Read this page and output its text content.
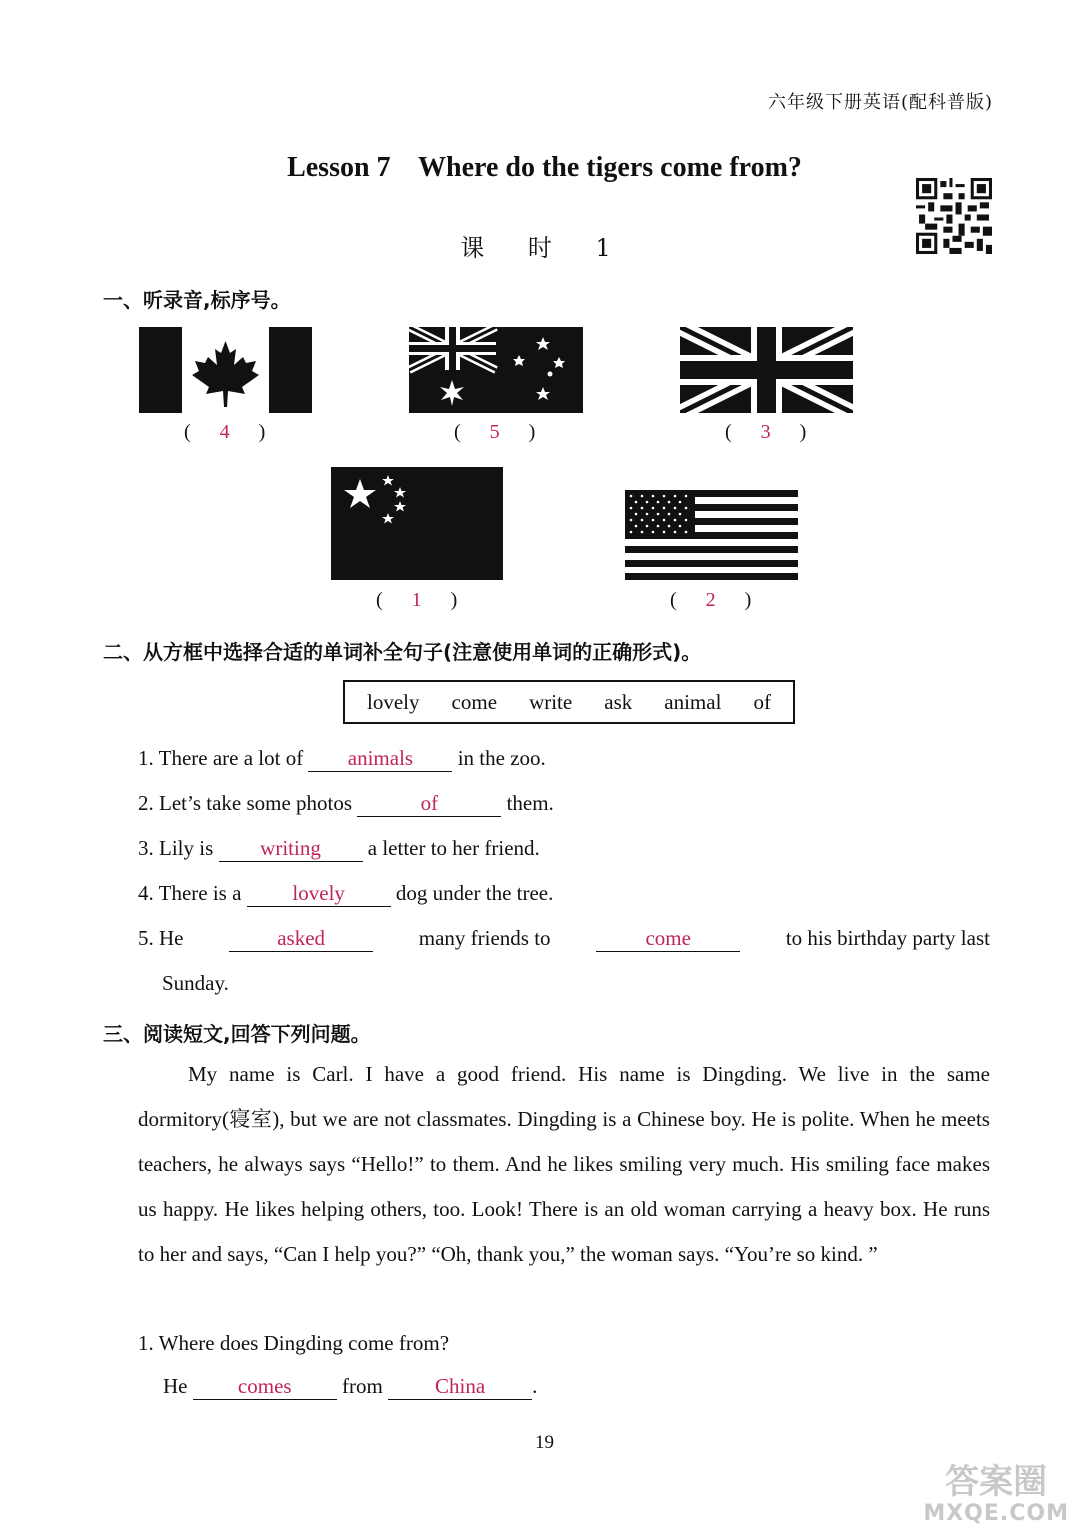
六年级下册英语(配科普版)
Lesson 7    Where do the tigers come from?
课 时 1
一、听录音,标序号。
( 4 )	( 5 )	( 3 )
( 1 )	( 2 )
二、从方框中选择合适的单词补全句子(注意使用单词的正确形式)。
lovely come write ask animal of
1. There are a lot of animals in the zoo.
2. Let’s take some photos	of	them.
3. Lily is writing a letter to her friend.
4. There is a lovely dog under the tree.
5. He	asked	many friends to	come	to his birthday party last
Sunday.
三、阅读短文,回答下列问题。
My name is Carl. I have a good friend. His name is Dingding. We live in the same dormitory(寝室), but we are not classmates. Dingding is a Chinese boy. He is polite. When he meets teachers, he always says “Hello!” to them. And he likes smiling very much. His smiling face makes us happy. He likes helping others, too. Look! There is an old woman carrying a heavy box. He runs to her and says, “Can I help you?” “Oh, thank you,” the woman says. “You’re so kind. ”
1. Where does Dingding come from?
He comes from China .
19
答案圈
MXQE.COM
